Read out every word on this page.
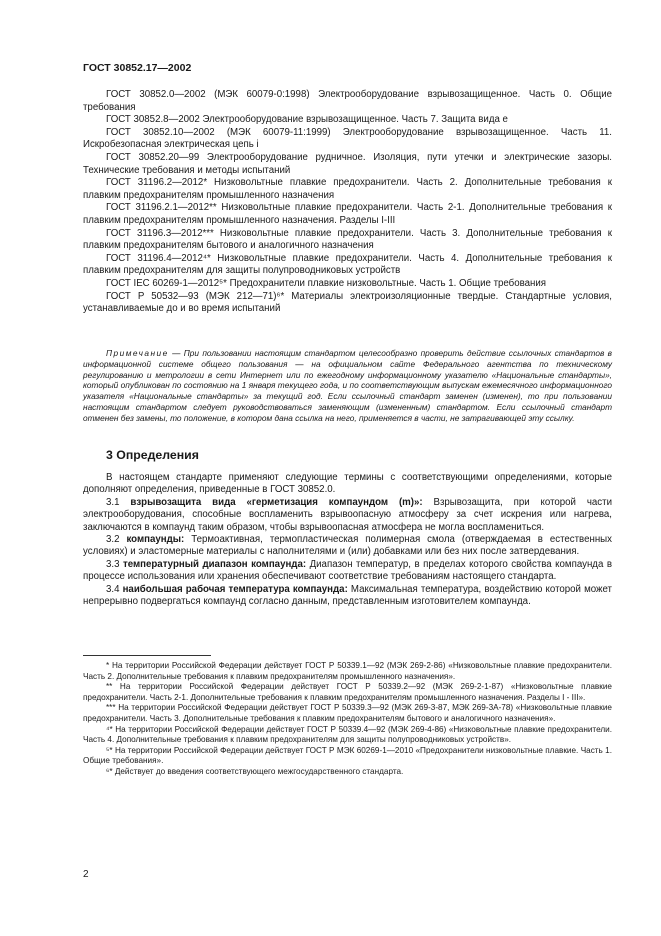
ГОСТ 30852.17—2002

ГОСТ 30852.0—2002 (МЭК 60079-0:1998) Электрооборудование взрывозащищенное. Часть 0. Общие требования

ГОСТ 30852.8—2002 Электрооборудование взрывозащищенное. Часть 7. Защита вида е

ГОСТ 30852.10—2002 (МЭК 60079-11:1999) Электрооборудование взрывозащищенное. Часть 11. Искробезопасная электрическая цепь i

ГОСТ 30852.20—99 Электрооборудование рудничное. Изоляция, пути утечки и электрические зазоры. Технические требования и методы испытаний

ГОСТ 31196.2—2012* Низковольтные плавкие предохранители. Часть 2. Дополнительные требования к плавким предохранителям промышленного назначения

ГОСТ 31196.2.1—2012** Низковольтные плавкие предохранители. Часть 2-1. Дополнительные требования к плавким предохранителям промышленного назначения. Разделы I-III

ГОСТ 31196.3—2012*** Низковольтные плавкие предохранители. Часть 3. Дополнительные требования к плавким предохранителям бытового и аналогичного назначения

ГОСТ 31196.4—2012⁴* Низковольтные плавкие предохранители. Часть 4. Дополнительные требования к плавким предохранителям для защиты полупроводниковых устройств

ГОСТ IEC 60269-1—2012⁵* Предохранители плавкие низковольтные. Часть 1. Общие требования

ГОСТ Р 50532—93 (МЭК 212—71)⁶* Материалы электроизоляционные твердые. Стандартные условия, устанавливаемые до и во время испытаний

Примечание — При пользовании настоящим стандартом целесообразно проверить действие ссылочных стандартов в информационной системе общего пользования — на официальном сайте Федерального агентства по техническому регулированию и метрологии в сети Интернет или по ежегодному информационному указателю «Национальные стандарты», который опубликован по состоянию на 1 января текущего года, и по соответствующим выпускам ежемесячного информационного указателя «Национальные стандарты» за текущий год. Если ссылочный стандарт заменен (изменен), то при пользовании настоящим стандартом следует руководствоваться заменяющим (измененным) стандартом. Если ссылочный стандарт отменен без замены, то положение, в котором дана ссылка на него, применяется в части, не затрагивающей эту ссылку.

3 Определения

В настоящем стандарте применяют следующие термины с соответствующими определениями, которые дополняют определения, приведенные в ГОСТ 30852.0.

3.1 взрывозащита вида «герметизация компаундом (m)»: Взрывозащита, при которой части электрооборудования, способные воспламенить взрывоопасную атмосферу за счет искрения или нагрева, заключаются в компаунд таким образом, чтобы взрывоопасная атмосфера не могла воспламениться.

3.2 компаунды: Термоактивная, термопластическая полимерная смола (отверждаемая в естественных условиях) и эластомерные материалы с наполнителями и (или) добавками или без них после затвердевания.

3.3 температурный диапазон компаунда: Диапазон температур, в пределах которого свойства компаунда в процессе использования или хранения обеспечивают соответствие требованиям настоящего стандарта.

3.4 наибольшая рабочая температура компаунда: Максимальная температура, воздействию которой может непрерывно подвергаться компаунд согласно данным, представленным изготовителем компаунда.

* На территории Российской Федерации действует ГОСТ Р 50339.1—92 (МЭК 269-2-86) «Низковольтные плавкие предохранители. Часть 2. Дополнительные требования к плавким предохранителям промышленного назначения».

** На территории Российской Федерации действует ГОСТ Р 50339.2—92 (МЭК 269-2-1-87) «Низковольтные плавкие предохранители. Часть 2-1. Дополнительные требования к плавким предохранителям промышленного назначения. Разделы I - III».

*** На территории Российской Федерации действует ГОСТ Р 50339.3—92 (МЭК 269-3-87, МЭК 269-3А-78) «Низковольтные плавкие предохранители. Часть 3. Дополнительные требования к плавким предохранителям бытового и аналогичного назначения».

⁴* На территории Российской Федерации действует ГОСТ Р 50339.4—92 (МЭК 269-4-86) «Низковольтные плавкие предохранители. Часть 4. Дополнительные требования к плавким предохранителям для защиты полупроводниковых устройств».

⁵* На территории Российской Федерации действует ГОСТ Р МЭК 60269-1—2010 «Предохранители низковольтные плавкие. Часть 1. Общие требования».

⁶* Действует до введения соответствующего межгосударственного стандарта.

2
